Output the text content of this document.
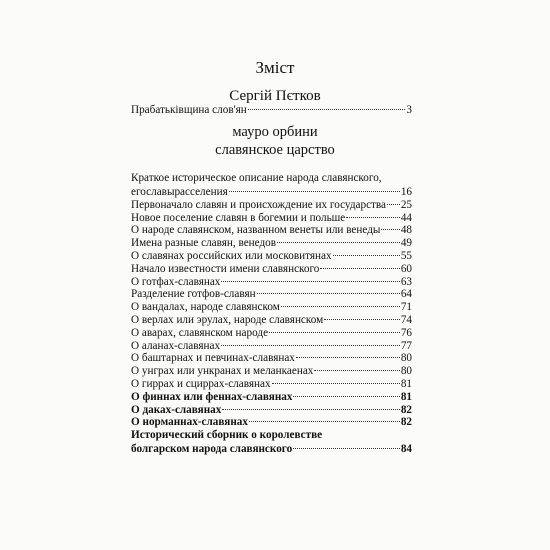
Зміст
Сергій Пєтков
Прабатьківщина слов'ян	3
мауро орбини
славянское царство
Краткое историческое описание народа славянского,
егославырасселения	16
Первоначало славян и происхождение их государства 25
Новое поселение славян в богемии и польше	44
О народе славянском, названном венеты или венеды 48
Имена разные славян, венедов	49
О славянах российских или московитянах	55
Начало известности имени славянского	60
О готфах-славянах	63
Разделение готфов-славян	64
О вандалах, народе славянском	71
О верлах или эрулах, народе славянском	74
О аварах, славянском народе	76
О аланах-славянах	77
О баштарнах и певчинах-славянах	80
О унграх или ункранах и меланкаенах	80
О гиррах и сциррах-славянах	81
О финнах или феннах-славянах	81
О даках-славянах	82
О норманнах-славянах	82
Исторический сборник о королевстве
болгарском народа славянского	84
